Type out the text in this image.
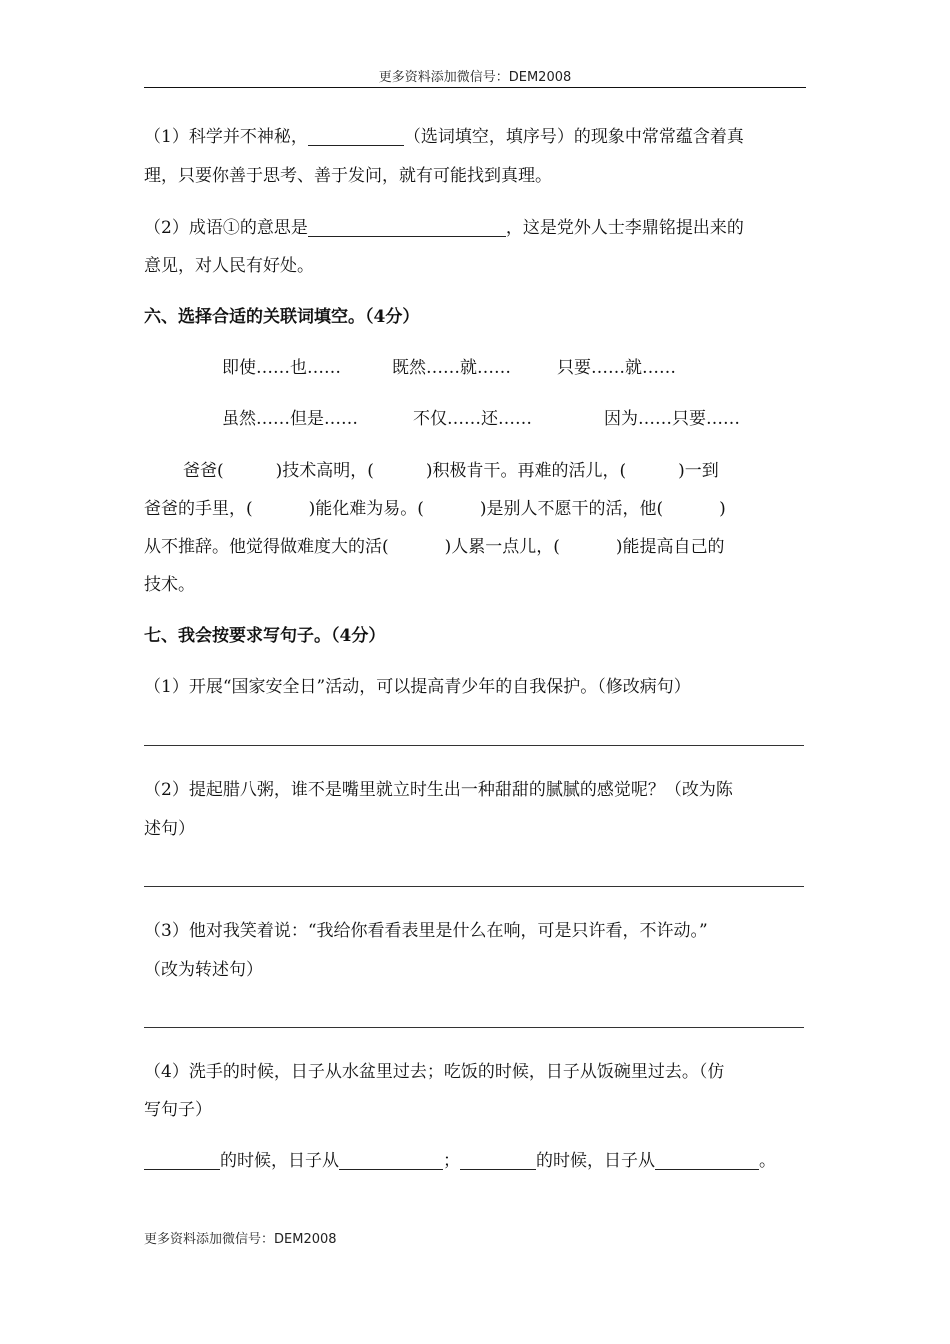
更多资料添加微信号：DEM2008
（1）科学并不神秘，	（选词填空，填序号）的现象中常常蕴含着真
理，只要你善于思考、善于发问，就有可能找到真理。
（2）成语①的意思是	，这是党外人士李鼎铭提出来的
意见，对人民有好处。
六、选择合适的关联词填空。（4分）
即使……也……	既然……就……	只要……就……
虽然……但是……	不仅……还……	因为……只要……
爸爸(	)技术高明，(	)积极肯干。再难的活儿，(	)一到
爸爸的手里，(	)能化难为易。(	)是别人不愿干的活，他(	)
从不推辞。他觉得做难度大的活(	)人累一点儿，(	)能提高自己的
技术。
七、我会按要求写句子。（4分）
（1）开展“国家安全日”活动，可以提高青少年的自我保护。（修改病句）
（2）提起腊八粥，谁不是嘴里就立时生出一种甜甜的腻腻的感觉呢？（改为陈
述句）
（3）他对我笑着说：“我给你看看表里是什么在响，可是只许看，不许动。”
（改为转述句）
（4）洗手的时候，日子从水盆里过去；吃饭的时候，日子从饭碗里过去。（仿
写句子）
的时候，日子从	；	的时候，日子从	。
更多资料添加微信号：DEM2008
